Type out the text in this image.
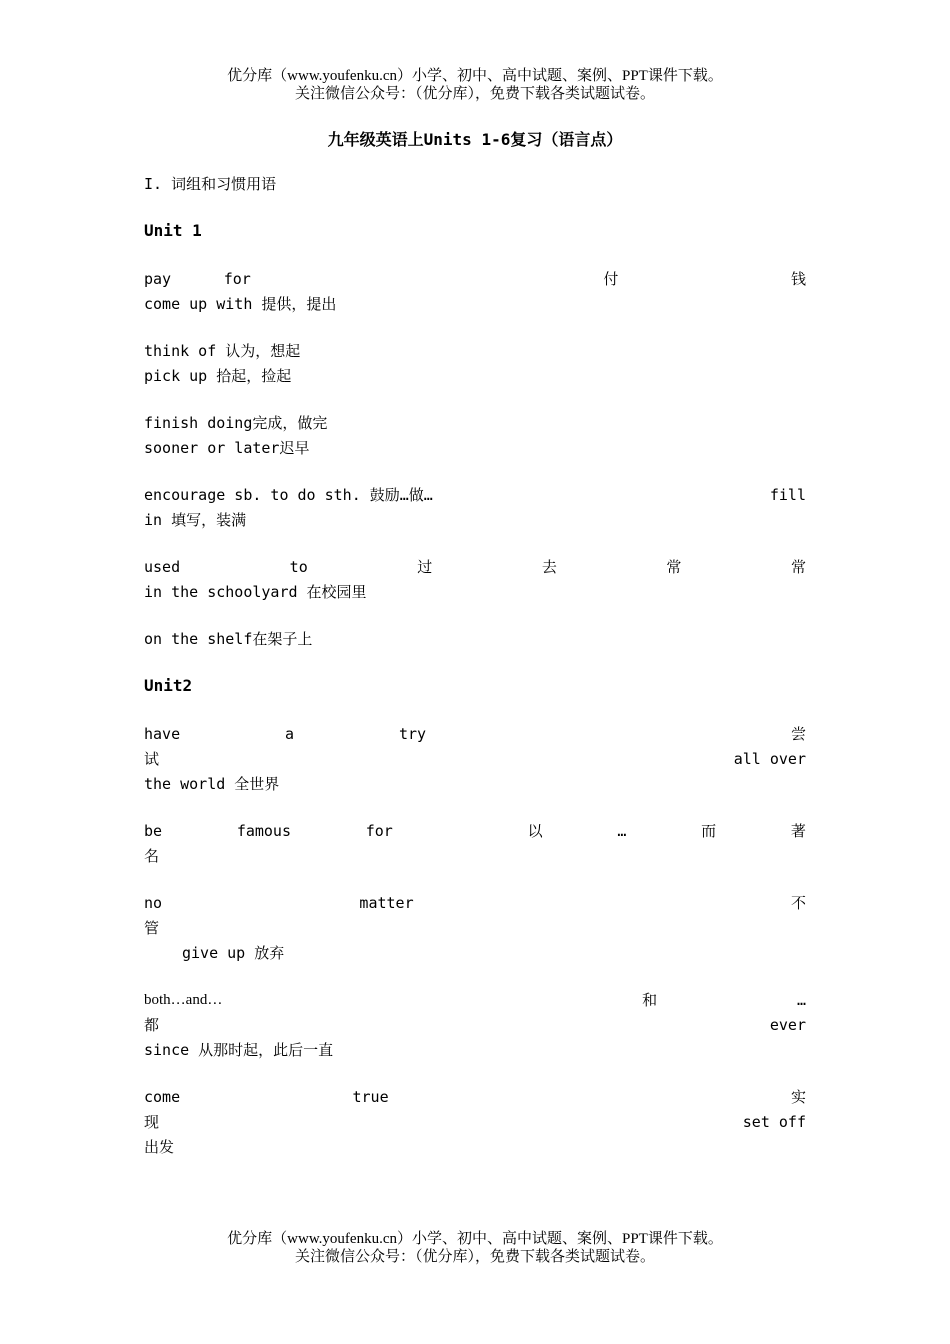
优分库（www.youfenku.cn）小学、初中、高中试题、案例、PPT课件下载。
关注微信公众号：（优分库），免费下载各类试题试卷。
九年级英语上Units 1-6复习（语言点）
I. 词组和习惯用语
Unit 1
pay	for	付	钱
come up with 提供，提出
think of 认为，想起
pick up 拾起，捡起
finish doing完成，做完
sooner or later迟早
encourage sb. to do sth. 鼓励…做…	fill
in 填写，装满
used	to	过	去	常	常
in the schoolyard 在校园里
on the shelf在架子上
Unit2
have	a	try	尝
试	all over
the world 全世界
be	famous	for	以	…	而	著
名
no	matter	不
管
give up 放弃
both…and…	和	…
都	ever
since 从那时起，此后一直
come	true	实
现	set off
出发
优分库（www.youfenku.cn）小学、初中、高中试题、案例、PPT课件下载。
关注微信公众号：（优分库），免费下载各类试题试卷。
